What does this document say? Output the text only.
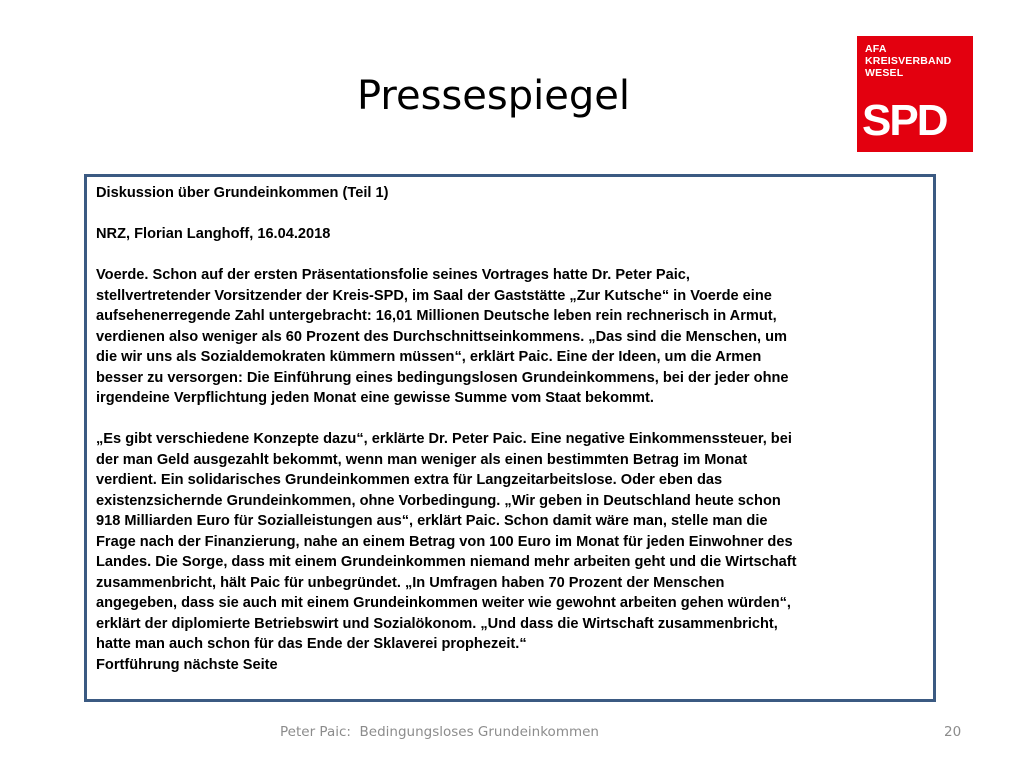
Pressespiegel
AFA
KREISVERBAND
WESEL
SPD
Diskussion über Grundeinkommen (Teil 1)
NRZ, Florian Langhoff, 16.04.2018
Voerde. Schon auf der ersten Präsentationsfolie seines Vortrages hatte Dr. Peter Paic,
stellvertretender Vorsitzender der Kreis-SPD, im Saal der Gaststätte „Zur Kutsche“ in Voerde eine
aufsehenerregende Zahl untergebracht: 16,01 Millionen Deutsche leben rein rechnerisch in Armut,
verdienen also weniger als 60 Prozent des Durchschnittseinkommens. „Das sind die Menschen, um
die wir uns als Sozialdemokraten kümmern müssen“, erklärt Paic. Eine der Ideen, um die Armen
besser zu versorgen: Die Einführung eines bedingungslosen Grundeinkommens, bei der jeder ohne
irgendeine Verpflichtung jeden Monat eine gewisse Summe vom Staat bekommt.
„Es gibt verschiedene Konzepte dazu“, erklärte Dr. Peter Paic. Eine negative Einkommenssteuer, bei
der man Geld ausgezahlt bekommt, wenn man weniger als einen bestimmten Betrag im Monat
verdient. Ein solidarisches Grundeinkommen extra für Langzeitarbeitslose. Oder eben das
existenzsichernde Grundeinkommen, ohne Vorbedingung. „Wir geben in Deutschland heute schon
918 Milliarden Euro für Sozialleistungen aus“, erklärt Paic. Schon damit wäre man, stelle man die
Frage nach der Finanzierung, nahe an einem Betrag von 100 Euro im Monat für jeden Einwohner des
Landes. Die Sorge, dass mit einem Grundeinkommen niemand mehr arbeiten geht und die Wirtschaft
zusammenbricht, hält Paic für unbegründet. „In Umfragen haben 70 Prozent der Menschen
angegeben, dass sie auch mit einem Grundeinkommen weiter wie gewohnt arbeiten gehen würden“,
erklärt der diplomierte Betriebswirt und Sozialökonom. „Und dass die Wirtschaft zusammenbricht,
hatte man auch schon für das Ende der Sklaverei prophezeit.“
Fortführung nächste Seite
Peter Paic:  Bedingungsloses Grundeinkommen	20
